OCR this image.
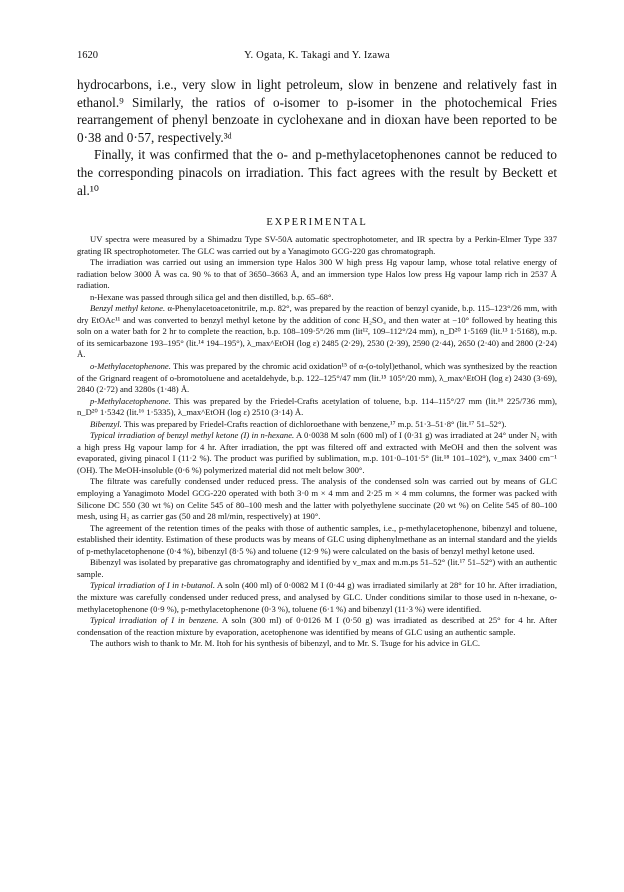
1620	Y. Ogata, K. Takagi and Y. Izawa

hydrocarbons, i.e., very slow in light petroleum, slow in benzene and relatively fast in ethanol.⁹ Similarly, the ratios of o-isomer to p-isomer in the photochemical Fries rearrangement of phenyl benzoate in cyclohexane and in dioxan have been reported to be 0·38 and 0·57, respectively.³ᵈ

Finally, it was confirmed that the o- and p-methylacetophenones cannot be reduced to the corresponding pinacols on irradiation. This fact agrees with the result by Beckett et al.¹⁰

EXPERIMENTAL

UV spectra were measured by a Shimadzu Type SV-50A automatic spectrophotometer, and IR spectra by a Perkin-Elmer Type 337 grating IR spectrophotometer. The GLC was carried out by a Yanagimoto GCG-220 gas chromatograph.

The irradiation was carried out using an immersion type Halos 300 W high press Hg vapour lamp, whose total relative energy of radiation below 3000 Å was ca. 90 % to that of 3650–3663 Å, and an immersion type Halos low press Hg vapour lamp rich in 2537 Å radiation.

n-Hexane was passed through silica gel and then distilled, b.p. 65–68°.

Benzyl methyl ketone. α-Phenylacetoacetonitrile, m.p. 82°, was prepared by the reaction of benzyl cyanide, b.p. 115–123°/26 mm, with dry EtOAc¹¹ and was converted to benzyl methyl ketone by the addition of conc H₂SO₄ and then water at −10° followed by heating this soln on a water bath for 2 hr to complete the reaction, b.p. 108–109·5°/26 mm (lit¹², 109–112°/24 mm), n_D²⁰ 1·5169 (lit.¹³ 1·5168), m.p. of its semicarbazone 193–195° (lit.¹⁴ 194–195°), λ_max^EtOH (log ε) 2485 (2·29), 2530 (2·39), 2590 (2·44), 2650 (2·40) and 2800 (2·24) Å.

o-Methylacetophenone. This was prepared by the chromic acid oxidation¹⁵ of α-(o-tolyl)ethanol, which was synthesized by the reaction of the Grignard reagent of o-bromotoluene and acetaldehyde, b.p. 122–125°/47 mm (lit.¹⁵ 105°/20 mm), λ_max^EtOH (log ε) 2430 (3·69), 2840 (2·72) and 3280s (1·48) Å.

p-Methylacetophenone. This was prepared by the Friedel-Crafts acetylation of toluene, b.p. 114–115°/27 mm (lit.¹⁶ 225/736 mm), n_D²⁰ 1·5342 (lit.¹⁶ 1·5335), λ_max^EtOH (log ε) 2510 (3·14) Å.

Bibenzyl. This was prepared by Friedel-Crafts reaction of dichloroethane with benzene,¹⁷ m.p. 51·3–51·8° (lit.¹⁷ 51–52°).

Typical irradiation of benzyl methyl ketone (I) in n-hexane. A 0·0038 M soln (600 ml) of I (0·31 g) was irradiated at 24° under N₂ with a high press Hg vapour lamp for 4 hr. After irradiation, the ppt was filtered off and extracted with MeOH and then the solvent was evaporated, giving pinacol I (11·2 %). The product was purified by sublimation, m.p. 101·0–101·5° (lit.¹⁸ 101–102°), ν_max 3400 cm⁻¹ (OH). The MeOH-insoluble (0·6 %) polymerized material did not melt below 300°.

The filtrate was carefully condensed under reduced press. The analysis of the condensed soln was carried out by means of GLC employing a Yanagimoto Model GCG-220 operated with both 3·0 m × 4 mm and 2·25 m × 4 mm columns, the former was packed with Silicone DC 550 (30 wt %) on Celite 545 of 80–100 mesh and the latter with polyethylene succinate (20 wt %) on Celite 545 of 80–100 mesh, using H₂ as carrier gas (50 and 28 ml/min, respectively) at 190°.

The agreement of the retention times of the peaks with those of authentic samples, i.e., p-methylacetophenone, bibenzyl and toluene, established their identity. Estimation of these products was by means of GLC using diphenylmethane as an internal standard and the yields of p-methylacetophenone (0·4 %), bibenzyl (8·5 %) and toluene (12·9 %) were calculated on the basis of benzyl methyl ketone used.

Bibenzyl was isolated by preparative gas chromatography and identified by ν_max and m.m.ps 51–52° (lit.¹⁷ 51–52°) with an authentic sample.

Typical irradiation of I in t-butanol. A soln (400 ml) of 0·0082 M I (0·44 g) was irradiated similarly at 28° for 10 hr. After irradiation, the mixture was carefully condensed under reduced press, and analysed by GLC. Under conditions similar to those used in n-hexane, o-methylacetophenone (0·9 %), p-methylacetophenone (0·3 %), toluene (6·1 %) and bibenzyl (11·3 %) were identified.

Typical irradiation of I in benzene. A soln (300 ml) of 0·0126 M I (0·50 g) was irradiated as described at 25° for 4 hr. After condensation of the reaction mixture by evaporation, acetophenone was identified by means of GLC using an authentic sample.

The authors wish to thank to Mr. M. Itoh for his synthesis of bibenzyl, and to Mr. S. Tsuge for his advice in GLC.
